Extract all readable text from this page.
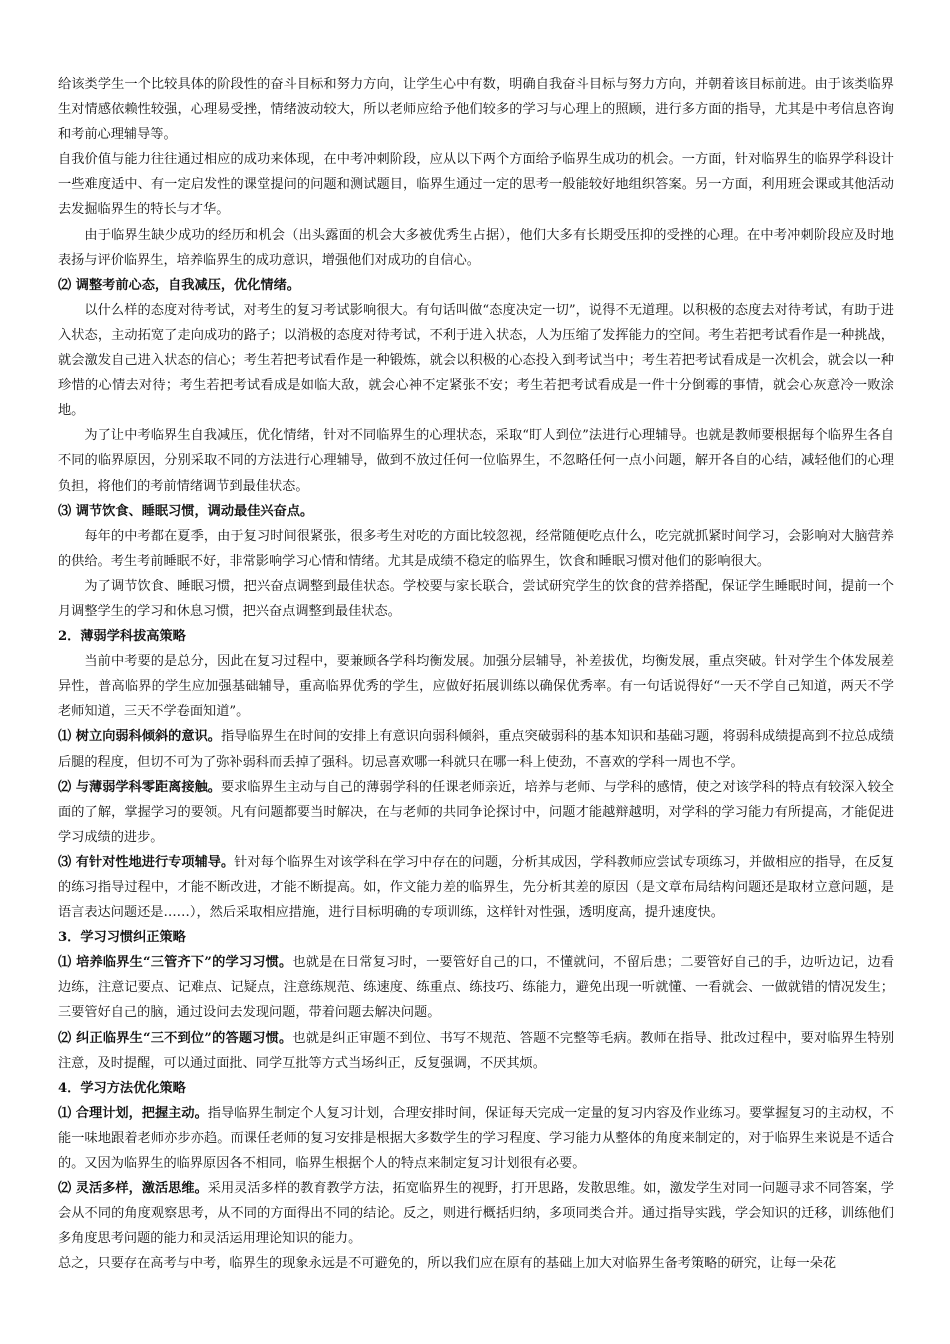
给该类学生一个比较具体的阶段性的奋斗目标和努力方向，让学生心中有数，明确自我奋斗目标与努力方向，并朝着该目标前进。由于该类临界生对情感依赖性较强，心理易受挫，情绪波动较大，所以老师应给予他们较多的学习与心理上的照顾，进行多方面的指导，尤其是中考信息咨询和考前心理辅导等。

自我价值与能力往往通过相应的成功来体现，在中考冲刺阶段，应从以下两个方面给予临界生成功的机会。一方面，针对临界生的临界学科设计一些难度适中、有一定启发性的课堂提问的问题和测试题目，临界生通过一定的思考一般能较好地组织答案。另一方面，利用班会课或其他活动去发掘临界生的特长与才华。

由于临界生缺少成功的经历和机会（出头露面的机会大多被优秀生占据），他们大多有长期受压抑的受挫的心理。在中考冲刺阶段应及时地表扬与评价临界生，培养临界生的成功意识，增强他们对成功的自信心。

⑵ 调整考前心态，自我减压，优化情绪。

以什么样的态度对待考试，对考生的复习考试影响很大。有句话叫做“态度决定一切”，说得不无道理。以积极的态度去对待考试，有助于进入状态，主动拓宽了走向成功的路子；以消极的态度对待考试，不利于进入状态，人为压缩了发挥能力的空间。考生若把考试看作是一种挑战，就会激发自己进入状态的信心；考生若把考试看作是一种锻炼，就会以积极的心态投入到考试当中；考生若把考试看成是一次机会，就会以一种珍惜的心情去对待；考生若把考试看成是如临大敌，就会心神不定紧张不安；考生若把考试看成是一件十分倒霉的事情，就会心灰意冷一败涂地。

为了让中考临界生自我减压，优化情绪，针对不同临界生的心理状态，采取“盯人到位”法进行心理辅导。也就是教师要根据每个临界生各自不同的临界原因，分别采取不同的方法进行心理辅导，做到不放过任何一位临界生，不忽略任何一点小问题，解开各自的心结，减轻他们的心理负担，将他们的考前情绪调节到最佳状态。

⑶ 调节饮食、睡眠习惯，调动最佳兴奋点。

每年的中考都在夏季，由于复习时间很紧张，很多考生对吃的方面比较忽视，经常随便吃点什么，吃完就抓紧时间学习，会影响对大脑营养的供给。考生考前睡眠不好，非常影响学习心情和情绪。尤其是成绩不稳定的临界生，饮食和睡眠习惯对他们的影响很大。

为了调节饮食、睡眠习惯，把兴奋点调整到最佳状态。学校要与家长联合，尝试研究学生的饮食的营养搭配，保证学生睡眠时间，提前一个月调整学生的学习和休息习惯，把兴奋点调整到最佳状态。

2．薄弱学科拔高策略

当前中考要的是总分，因此在复习过程中，要兼顾各学科均衡发展。加强分层辅导，补差拔优，均衡发展，重点突破。针对学生个体发展差异性，普高临界的学生应加强基础辅导，重高临界优秀的学生，应做好拓展训练以确保优秀率。有一句话说得好“一天不学自己知道，两天不学老师知道，三天不学卷面知道”。

⑴ 树立向弱科倾斜的意识。指导临界生在时间的安排上有意识向弱科倾斜，重点突破弱科的基本知识和基础习题，将弱科成绩提高到不拉总成绩后腿的程度，但切不可为了弥补弱科而丢掉了强科。切忌喜欢哪一科就只在哪一科上使劲，不喜欢的学科一周也不学。

⑵ 与薄弱学科零距离接触。要求临界生主动与自己的薄弱学科的任课老师亲近，培养与老师、与学科的感情，使之对该学科的特点有较深入较全面的了解，掌握学习的要领。凡有问题都要当时解决，在与老师的共同争论探讨中，问题才能越辩越明，对学科的学习能力有所提高，才能促进学习成绩的进步。

⑶ 有针对性地进行专项辅导。针对每个临界生对该学科在学习中存在的问题，分析其成因，学科教师应尝试专项练习，并做相应的指导，在反复的练习指导过程中，才能不断改进，才能不断提高。如，作文能力差的临界生，先分析其差的原因（是文章布局结构问题还是取材立意问题，是语言表达问题还是……），然后采取相应措施，进行目标明确的专项训练，这样针对性强，透明度高，提升速度快。

3．学习习惯纠正策略

⑴ 培养临界生“三管齐下”的学习习惯。也就是在日常复习时，一要管好自己的口，不懂就问，不留后患；二要管好自己的手，边听边记，边看边练，注意记要点、记难点、记疑点，注意练规范、练速度、练重点、练技巧、练能力，避免出现一听就懂、一看就会、一做就错的情况发生；三要管好自己的脑，通过设问去发现问题，带着问题去解决问题。

⑵ 纠正临界生“三不到位”的答题习惯。也就是纠正审题不到位、书写不规范、答题不完整等毛病。教师在指导、批改过程中，要对临界生特别注意，及时提醒，可以通过面批、同学互批等方式当场纠正，反复强调，不厌其烦。

4．学习方法优化策略

⑴ 合理计划，把握主动。指导临界生制定个人复习计划，合理安排时间，保证每天完成一定量的复习内容及作业练习。要掌握复习的主动权，不能一味地跟着老师亦步亦趋。而课任老师的复习安排是根据大多数学生的学习程度、学习能力从整体的角度来制定的，对于临界生来说是不适合的。又因为临界生的临界原因各不相同，临界生根据个人的特点来制定复习计划很有必要。

⑵ 灵活多样，激活思维。采用灵活多样的教育教学方法，拓宽临界生的视野，打开思路，发散思维。如，激发学生对同一问题寻求不同答案，学会从不同的角度观察思考，从不同的方面得出不同的结论。反之，则进行概括归纳，多项同类合并。通过指导实践，学会知识的迁移，训练他们多角度思考问题的能力和灵活运用理论知识的能力。

总之，只要存在高考与中考，临界生的现象永远是不可避免的，所以我们应在原有的基础上加大对临界生备考策略的研究，让每一朵花
